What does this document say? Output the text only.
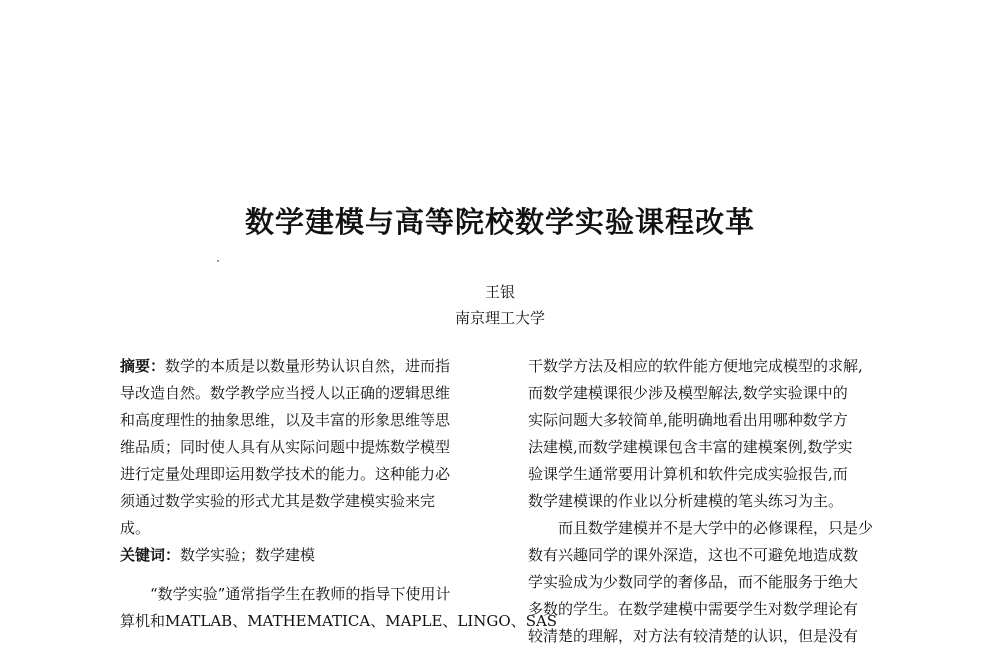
数学建模与高等院校数学实验课程改革
王银
南京理工大学
摘要：数学的本质是以数量形势认识自然，进而指
导改造自然。数学教学应当授人以正确的逻辑思维
和高度理性的抽象思维，以及丰富的形象思维等思
维品质；同时使人具有从实际问题中提炼数学模型
进行定量处理即运用数学技术的能力。这种能力必
须通过数学实验的形式尤其是数学建模实验来完
成。
关键词：数学实验；数学建模
“数学实验”通常指学生在教师的指导下使用计
算机和MATLAB、MATHEMATICA、MAPLE、LINGO、SAS
干数学方法及相应的软件能方便地完成模型的求解,
而数学建模课很少涉及模型解法,数学实验课中的
实际问题大多较简单,能明确地看出用哪种数学方
法建模,而数学建模课包含丰富的建模案例,数学实
验课学生通常要用计算机和软件完成实验报告,而
数学建模课的作业以分析建模的笔头练习为主。
而且数学建模并不是大学中的必修课程，只是少
数有兴趣同学的课外深造，这也不可避免地造成数
学实验成为少数同学的奢侈品，而不能服务于绝大
多数的学生。在数学建模中需要学生对数学理论有
较清楚的理解，对方法有较清楚的认识，但是没有
